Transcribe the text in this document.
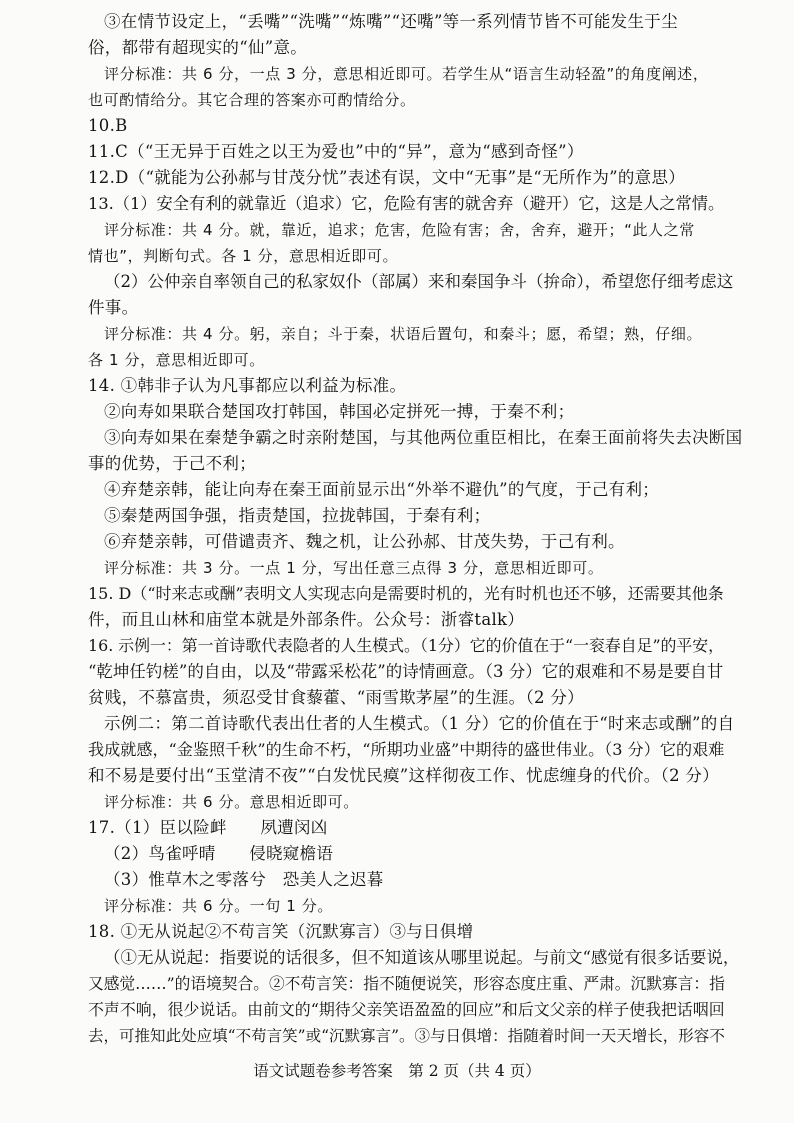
③在情节设定上，“丢嘴”“洗嘴”“炼嘴”“还嘴”等一系列情节皆不可能发生于尘
俗，都带有超现实的“仙”意。
评分标准：共 6 分，一点 3 分，意思相近即可。若学生从“语言生动轻盈”的角度阐述，
也可酌情给分。其它合理的答案亦可酌情给分。
10.B
11.C（“王无异于百姓之以王为爱也”中的“异”，意为“感到奇怪”）
12.D（“就能为公孙郝与甘茂分忧”表述有误，文中“无事”是“无所作为”的意思）
13.（1）安全有利的就靠近（追求）它，危险有害的就舍弃（避开）它，这是人之常情。
评分标准：共 4 分。就，靠近，追求；危害，危险有害；舍，舍弃，避开；“此人之常
情也”，判断句式。各 1 分，意思相近即可。
（2）公仲亲自率领自己的私家奴仆（部属）来和秦国争斗（拚命），希望您仔细考虑这
件事。
评分标准：共 4 分。躬，亲自；斗于秦，状语后置句，和秦斗；愿，希望；熟，仔细。
各 1 分，意思相近即可。
14. ①韩非子认为凡事都应以利益为标准。
②向寿如果联合楚国攻打韩国，韩国必定拼死一搏，于秦不利；
③向寿如果在秦楚争霸之时亲附楚国，与其他两位重臣相比，在秦王面前将失去决断国
事的优势，于己不利；
④弃楚亲韩，能让向寿在秦王面前显示出“外举不避仇”的气度，于己有利；
⑤秦楚两国争强，指责楚国，拉拢韩国，于秦有利；
⑥弃楚亲韩，可借谴责齐、魏之机，让公孙郝、甘茂失势，于己有利。
评分标准：共 3 分。一点 1 分，写出任意三点得 3 分，意思相近即可。
15. D（“时来志或酬”表明文人实现志向是需要时机的，光有时机也还不够，还需要其他条
件，而且山林和庙堂本就是外部条件。公众号：浙睿talk）
16. 示例一：第一首诗歌代表隐者的人生模式。（1分）它的价值在于“一衮春自足”的平安，
“乾坤任钓槎”的自由，以及“带露采松花”的诗情画意。（3 分）它的艰难和不易是要自甘
贫贱，不慕富贵，须忍受甘食藜藿、“雨雪欺茅屋”的生涯。（2 分）
示例二：第二首诗歌代表出仕者的人生模式。（1 分）它的价值在于“时来志或酬”的自
我成就感，“金鉴照千秋”的生命不朽，“所期功业盛”中期待的盛世伟业。（3 分）它的艰难
和不易是要付出“玉堂清不夜”“白发忧民瘼”这样彻夜工作、忧虑缠身的代价。（2 分）
评分标准：共 6 分。意思相近即可。
17.（1）臣以险衅　　夙遭闵凶
（2）鸟雀呼晴　　侵晓窥檐语
（3）惟草木之零落兮　恐美人之迟暮
评分标准：共 6 分。一句 1 分。
18. ①无从说起②不苟言笑（沉默寡言）③与日俱增
（①无从说起：指要说的话很多，但不知道该从哪里说起。与前文“感觉有很多话要说，
又感觉……”的语境契合。②不苟言笑：指不随便说笑，形容态度庄重、严肃。沉默寡言：指
不声不响，很少说话。由前文的“期待父亲笑语盈盈的回应”和后文父亲的样子使我把话咽回
去，可推知此处应填“不苟言笑”或“沉默寡言”。③与日俱增：指随着时间一天天增长，形容不
语文试题卷参考答案　第 2 页（共 4 页）
